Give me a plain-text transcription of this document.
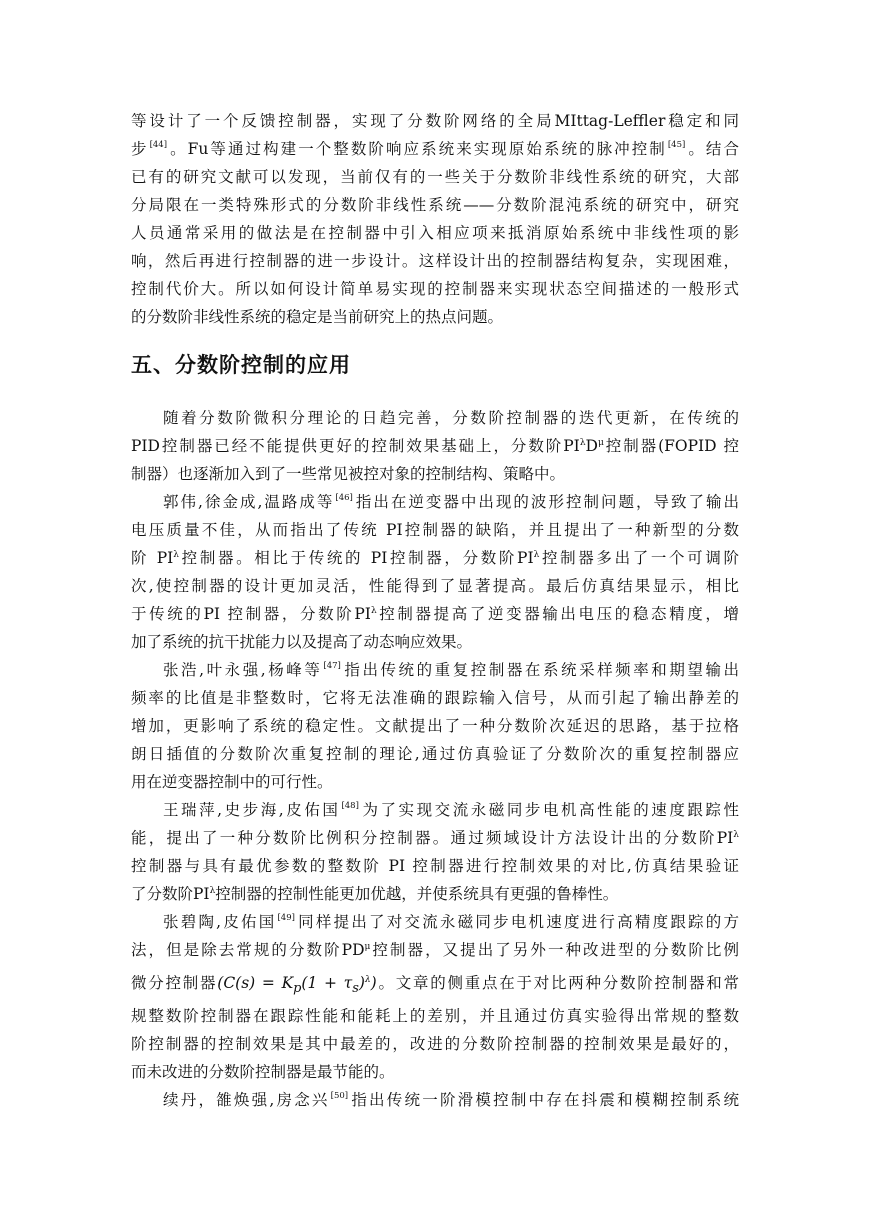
等设计了一个反馈控制器，实现了分数阶网络的全局MIttag-Leffler稳定和同
步[44]。Fu等通过构建一个整数阶响应系统来实现原始系统的脉冲控制[45]。结合
已有的研究文献可以发现，当前仅有的一些关于分数阶非线性系统的研究，大部
分局限在一类特殊形式的分数阶非线性系统——分数阶混沌系统的研究中，研究
人员通常采用的做法是在控制器中引入相应项来抵消原始系统中非线性项的影
响，然后再进行控制器的进一步设计。这样设计出的控制器结构复杂，实现困难，
控制代价大。所以如何设计简单易实现的控制器来实现状态空间描述的一般形式
的分数阶非线性系统的稳定是当前研究上的热点问题。
五、分数阶控制的应用
随着分数阶微积分理论的日趋完善，分数阶控制器的迭代更新，在传统的
PID控制器已经不能提供更好的控制效果基础上，分数阶$PI^\lambda D^\mu$控制器(FOPID 控
制器）也逐渐加入到了一些常见被控对象的控制结构、策略中。
郭伟,徐金成,温路成等[46]指出在逆变器中出现的波形控制问题，导致了输出
电压质量不佳，从而指出了传统 PI控制器的缺陷，并且提出了一种新型的分数
阶 $PI^\lambda$控制器。相比于传统的 PI控制器，分数阶$PI^\lambda$控制器多出了一个可调阶
次,使控制器的设计更加灵活，性能得到了显著提高。最后仿真结果显示，相比
于传统的PI 控制器，分数阶$PI^\lambda$控制器提高了逆变器输出电压的稳态精度，增
加了系统的抗干扰能力以及提高了动态响应效果。
张浩,叶永强,杨峰等[47]指出传统的重复控制器在系统采样频率和期望输出
频率的比值是非整数时，它将无法准确的跟踪输入信号，从而引起了输出静差的
增加，更影响了系统的稳定性。文献提出了一种分数阶次延迟的思路，基于拉格
朗日插值的分数阶次重复控制的理论,通过仿真验证了分数阶次的重复控制器应
用在逆变器控制中的可行性。
王瑞萍,史步海,皮佑国[48]为了实现交流永磁同步电机高性能的速度跟踪性
能，提出了一种分数阶比例积分控制器。通过频域设计方法设计出的分数阶$PI^\lambda$
控制器与具有最优参数的整数阶 PI 控制器进行控制效果的对比,仿真结果验证
了分数阶$PI^\lambda$控制器的控制性能更加优越，并使系统具有更强的鲁棒性。
张碧陶,皮佑国[49]同样提出了对交流永磁同步电机速度进行高精度跟踪的方
法，但是除去常规的分数阶$PD^\mu$控制器，又提出了另外一种改进型的分数阶比例
微分控制器$(C(s) = K_p(1 + \tau_s)^\lambda)$。文章的侧重点在于对比两种分数阶控制器和常
规整数阶控制器在跟踪性能和能耗上的差别，并且通过仿真实验得出常规的整数
阶控制器的控制效果是其中最差的，改进的分数阶控制器的控制效果是最好的，
而未改进的分数阶控制器是最节能的。
续丹，雒焕强,房念兴[50]指出传统一阶滑模控制中存在抖震和模糊控制系统
